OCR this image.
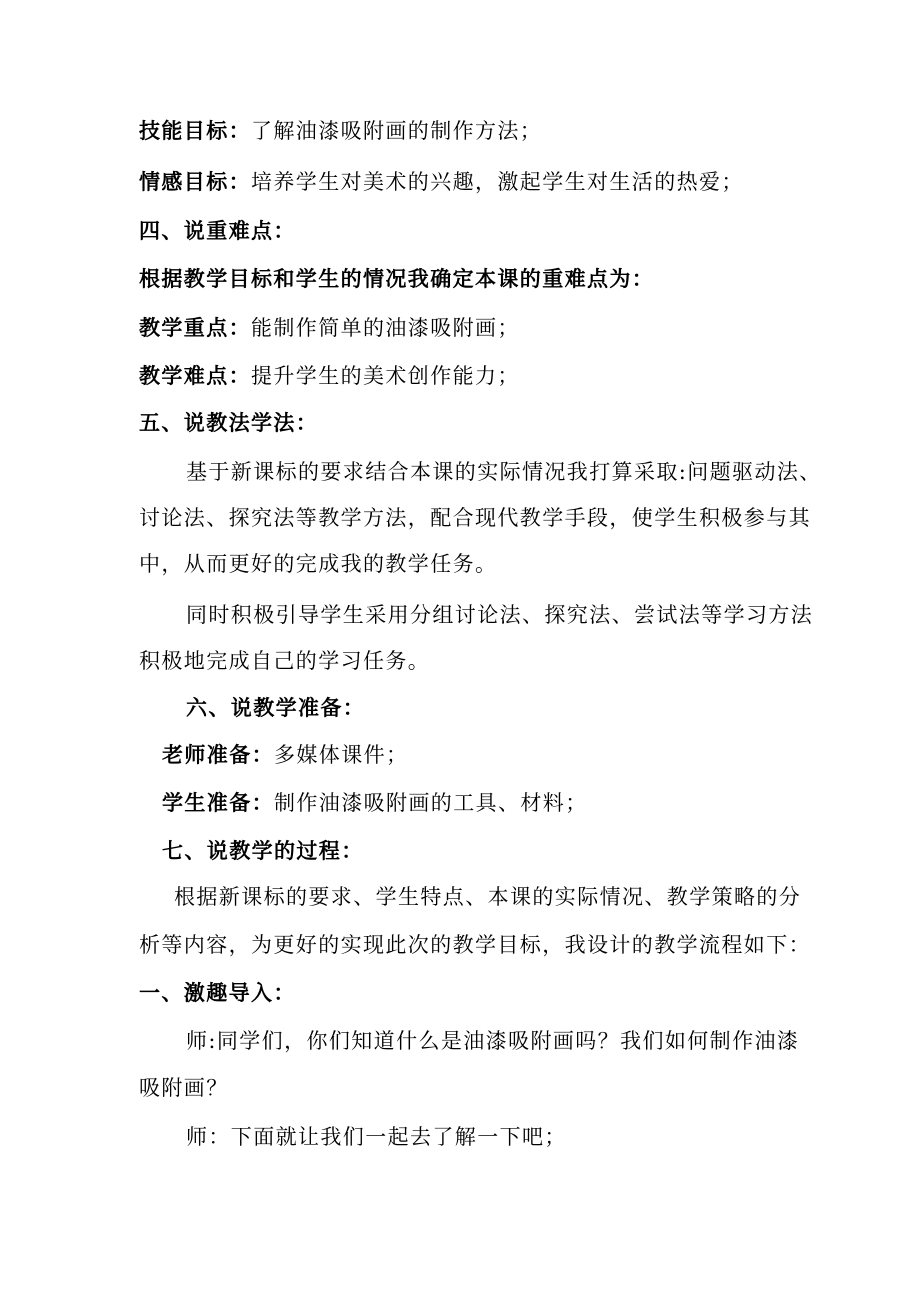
技能目标：了解油漆吸附画的制作方法；
情感目标：培养学生对美术的兴趣，激起学生对生活的热爱；
四、说重难点：
根据教学目标和学生的情况我确定本课的重难点为：
教学重点：能制作简单的油漆吸附画；
教学难点：提升学生的美术创作能力；
五、说教法学法：
基于新课标的要求结合本课的实际情况我打算采取:问题驱动法、
讨论法、探究法等教学方法，配合现代教学手段，使学生积极参与其
中，从而更好的完成我的教学任务。
同时积极引导学生采用分组讨论法、探究法、尝试法等学习方法
积极地完成自己的学习任务。
六、说教学准备：
老师准备：多媒体课件；
学生准备：制作油漆吸附画的工具、材料；
七、说教学的过程：
根据新课标的要求、学生特点、本课的实际情况、教学策略的分
析等内容，为更好的实现此次的教学目标，我设计的教学流程如下：
一、激趣导入：
师:同学们，你们知道什么是油漆吸附画吗？我们如何制作油漆
吸附画？
师：下面就让我们一起去了解一下吧；
